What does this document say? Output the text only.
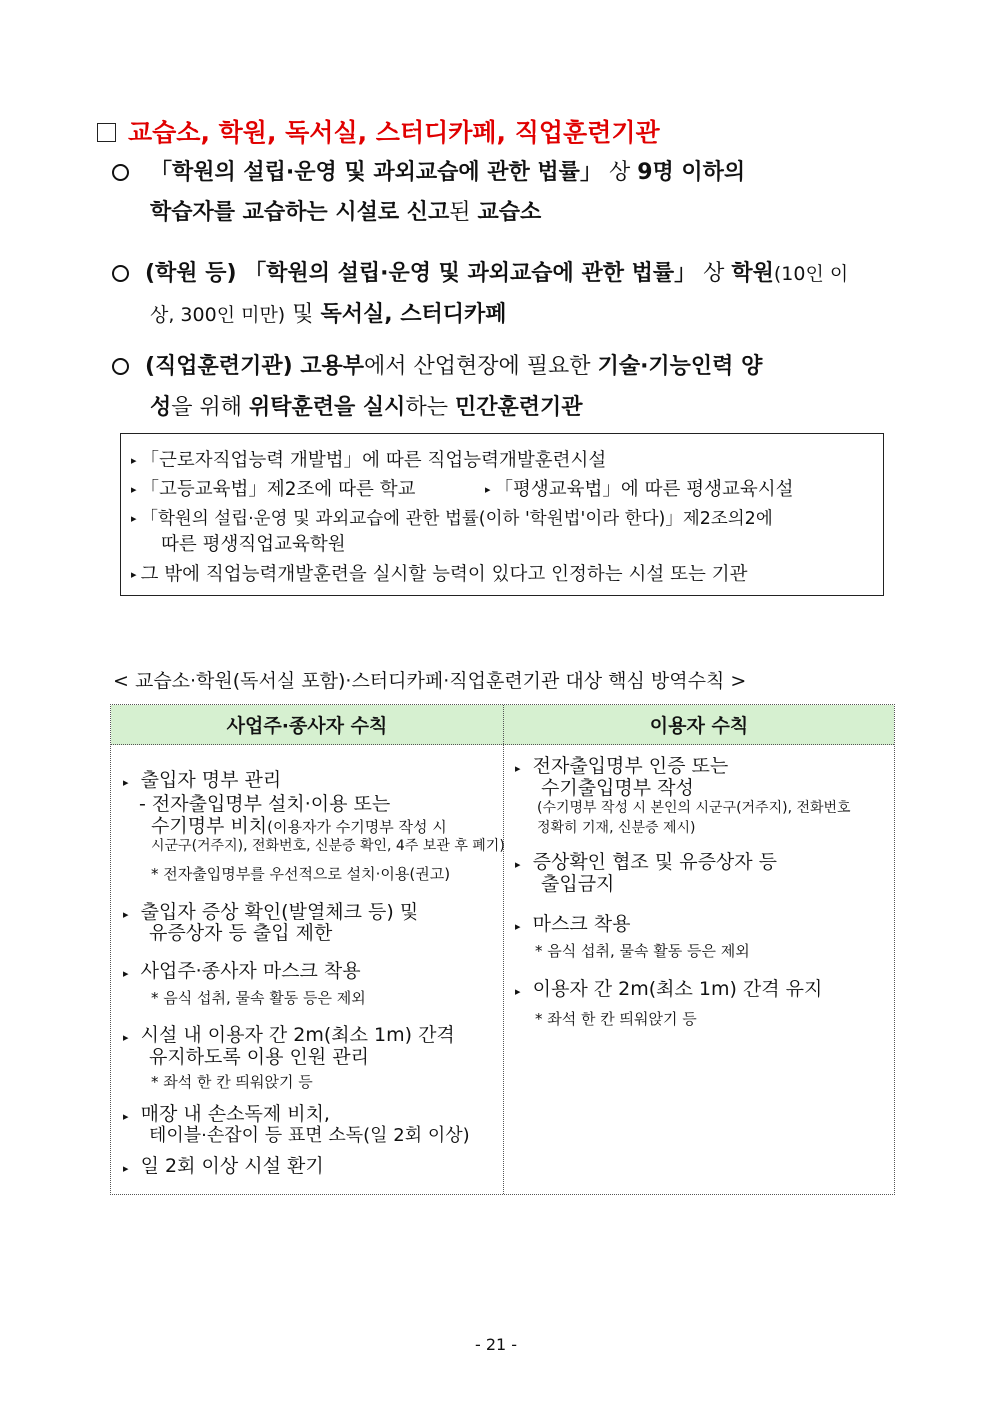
교습소, 학원, 독서실, 스터디카페, 직업훈련기관
「학원의 설립·운영 및 과외교습에 관한 법률」 상 9명 이하의
학습자를 교습하는 시설로 신고된 교습소
(학원 등) 「학원의 설립·운영 및 과외교습에 관한 법률」 상 학원(10인 이
상, 300인 미만) 및 독서실, 스터디카페
(직업훈련기관) 고용부에서 산업현장에 필요한 기술·기능인력 양
성을 위해 위탁훈련을 실시하는 민간훈련기관
▸ 「근로자직업능력 개발법」에 따른 직업능력개발훈련시설
▸ 「고등교육법」제2조에 따른 학교	▸ 「평생교육법」에 따른 평생교육시설
▸ 「학원의 설립·운영 및 과외교습에 관한 법률(이하 '학원법'이라 한다)」제2조의2에
따른 평생직업교육학원
▸ 그 밖에 직업능력개발훈련을 실시할 능력이 있다고 인정하는 시설 또는 기관
< 교습소·학원(독서실 포함)·스터디카페·직업훈련기관 대상 핵심 방역수칙 >
사업주·종사자 수칙	이용자 수칙
▸ 출입자 명부 관리
- 전자출입명부 설치·이용 또는
수기명부 비치(이용자가 수기명부 작성 시
시군구(거주지), 전화번호, 신분증 확인, 4주 보관 후 폐기)
* 전자출입명부를 우선적으로 설치·이용(권고)
▸ 출입자 증상 확인(발열체크 등) 및
유증상자 등 출입 제한
▸ 사업주·종사자 마스크 착용
* 음식 섭취, 물속 활동 등은 제외
▸ 시설 내 이용자 간 2m(최소 1m) 간격
유지하도록 이용 인원 관리
* 좌석 한 칸 띄워앉기 등
▸ 매장 내 손소독제 비치,
테이블·손잡이 등 표면 소독(일 2회 이상)
▸ 일 2회 이상 시설 환기
▸ 전자출입명부 인증 또는
수기출입명부 작성
(수기명부 작성 시 본인의 시군구(거주지), 전화번호
정확히 기재, 신분증 제시)
▸ 증상확인 협조 및 유증상자 등
출입금지
▸ 마스크 착용
* 음식 섭취, 물속 활동 등은 제외
▸ 이용자 간 2m(최소 1m) 간격 유지
* 좌석 한 칸 띄워앉기 등
- 21 -
